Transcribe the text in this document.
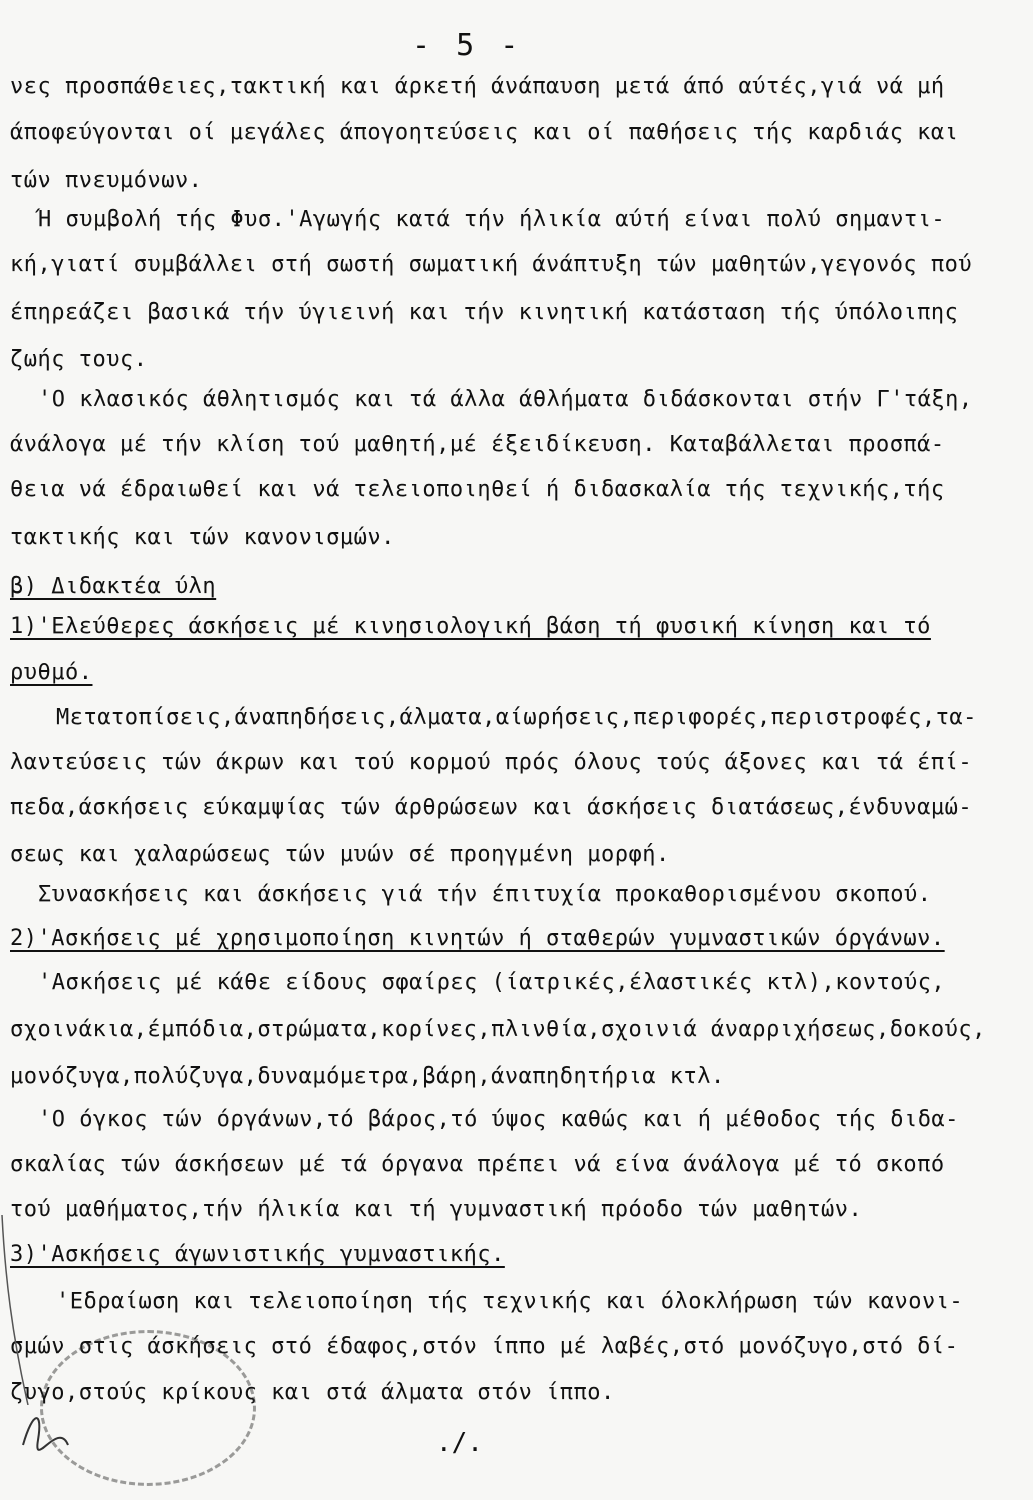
- 5 -
νες προσπάθειες,τακτική και άρκετή άνάπαυση μετά άπό αύτές,γιά νά μή
άποφεύγονται οί μεγάλες άπογοητεύσεις και οί παθήσεις τής καρδιάς και
τών πνευμόνων.
Ή συμβολή τής Φυσ.'Αγωγής κατά τήν ήλικία αύτή είναι πολύ σημαντι-
κή,γιατί συμβάλλει στή σωστή σωματική άνάπτυξη τών μαθητών,γεγονός πού
έπηρεάζει βασικά τήν ύγιεινή και τήν κινητική κατάσταση τής ύπόλοιπης
ζωής τους.
'Ο κλασικός άθλητισμός και τά άλλα άθλήματα διδάσκονται στήν Γ'τάξη,
άνάλογα μέ τήν κλίση τού μαθητή,μέ έξειδίκευση. Καταβάλλεται προσπά-
θεια νά έδραιωθεί και νά τελειοποιηθεί ή διδασκαλία τής τεχνικής,τής
τακτικής και τών κανονισμών.
β) Διδακτέα ύλη
1)'Ελεύθερες άσκήσεις μέ κινησιολογική βάση τή φυσική κίνηση και τό
ρυθμό.
Μετατοπίσεις,άναπηδήσεις,άλματα,αίωρήσεις,περιφορές,περιστροφές,τα-
λαντεύσεις τών άκρων και τού κορμού πρός όλους τούς άξονες και τά έπί-
πεδα,άσκήσεις εύκαμψίας τών άρθρώσεων και άσκήσεις διατάσεως,ένδυναμώ-
σεως και χαλαρώσεως τών μυών σέ προηγμένη μορφή.
Συνασκήσεις και άσκήσεις γιά τήν έπιτυχία προκαθορισμένου σκοπού.
2)'Ασκήσεις μέ χρησιμοποίηση κινητών ή σταθερών γυμναστικών όργάνων.
'Ασκήσεις μέ κάθε είδους σφαίρες (ίατρικές,έλαστικές κτλ),κοντούς,
σχοινάκια,έμπόδια,στρώματα,κορίνες,πλινθία,σχοινιά άναρριχήσεως,δοκούς,
μονόζυγα,πολύζυγα,δυναμόμετρα,βάρη,άναπηδητήρια κτλ.
'Ο όγκος τών όργάνων,τό βάρος,τό ύψος καθώς και ή μέθοδος τής διδα-
σκαλίας τών άσκήσεων μέ τά όργανα πρέπει νά είνα άνάλογα μέ τό σκοπό
τού μαθήματος,τήν ήλικία και τή γυμναστική πρόοδο τών μαθητών.
3)'Ασκήσεις άγωνιστικής γυμναστικής.
'Εδραίωση και τελειοποίηση τής τεχνικής και όλοκλήρωση τών κανονι-
σμών στις άσκήσεις στό έδαφος,στόν ίππο μέ λαβές,στό μονόζυγο,στό δί-
ζυγο,στούς κρίκους και στά άλματα στόν ίππο.
./.
